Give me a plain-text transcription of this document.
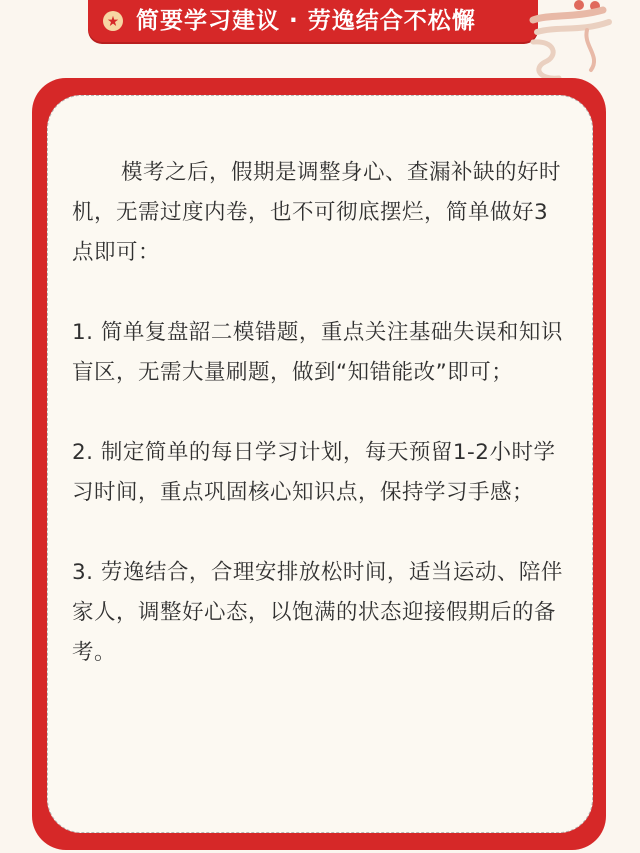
简要学习建议 · 劳逸结合不松懈

模考之后，假期是调整身心、查漏补缺的好时机，无需过度内卷，也不可彻底摆烂，简单做好3点即可：

1. 简单复盘韶二模错题，重点关注基础失误和知识盲区，无需大量刷题，做到“知错能改”即可；

2. 制定简单的每日学习计划，每天预留1-2小时学习时间，重点巩固核心知识点，保持学习手感；

3. 劳逸结合，合理安排放松时间，适当运动、陪伴家人，调整好心态，以饱满的状态迎接假期后的备考。
